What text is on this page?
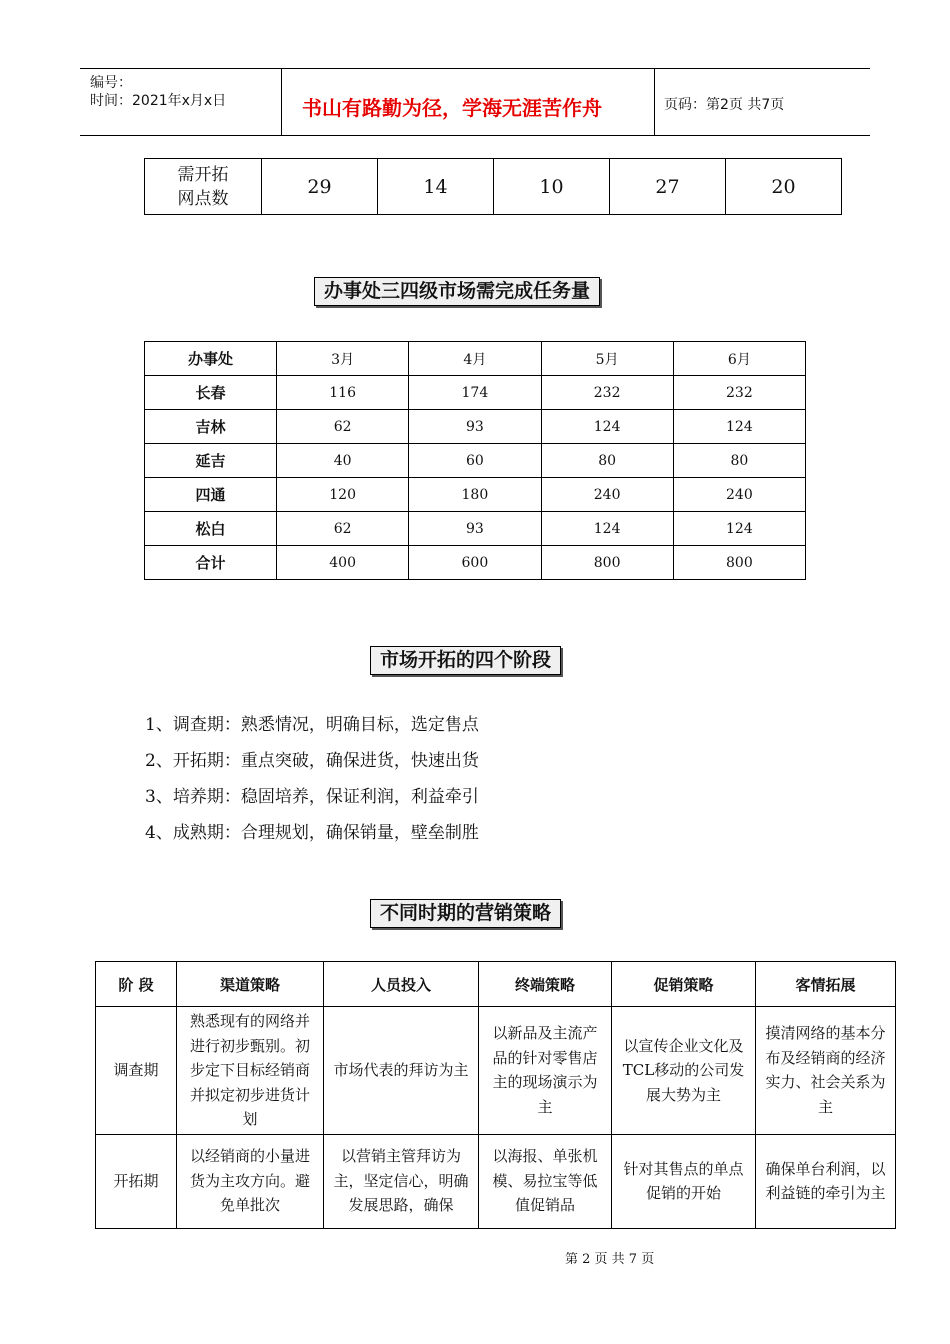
编号：
时间：2021年x月x日	书山有路勤为径，学海无涯苦作舟	页码：第2页 共7页
需开拓网点数	29	14	10	27	20
办事处三四级市场需完成任务量
办事处	3月	4月	5月	6月
长春	116	174	232	232
吉林	62	93	124	124
延吉	40	60	80	80
四通	120	180	240	240
松白	62	93	124	124
合计	400	600	800	800
市场开拓的四个阶段
1、调查期：熟悉情况，明确目标，选定售点
2、开拓期：重点突破，确保进货，快速出货
3、培养期：稳固培养，保证利润，利益牵引
4、成熟期：合理规划，确保销量，壁垒制胜
不同时期的营销策略
阶 段	渠道策略	人员投入	终端策略	促销策略	客情拓展
调查期	熟悉现有的网络并进行初步甄别。初步定下目标经销商并拟定初步进货计划	市场代表的拜访为主	以新品及主流产品的针对零售店主的现场演示为主	以宣传企业文化及TCL移动的公司发展大势为主	摸清网络的基本分布及经销商的经济实力、社会关系为主
开拓期	以经销商的小量进货为主攻方向。避免单批次	以营销主管拜访为主，坚定信心，明确发展思路，确保	以海报、单张机模、易拉宝等低值促销品	针对其售点的单点促销的开始	确保单台利润，以利益链的牵引为主
第 2 页 共 7 页
